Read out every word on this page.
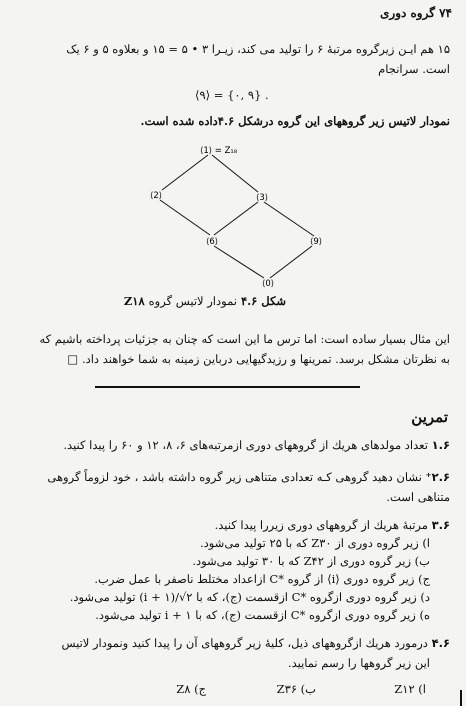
۷۴ گروه دوری
۱۵ هم ایـن زیرگروه مرتبهٔ ۶ را تولید می کند، زیـرا ۳ • ۵ = ۱۵ و بعلاوه ۵ و ۶ یک
است. سرانجام
⟨۹⟩ = {۰, ۹} .
نمودار لاتیس زیر گروههای این گروه درشکل ۴.۶داده شده است.
⟨1⟩ = Z₁₈
⟨2⟩	⟨3⟩
⟨6⟩	⟨9⟩
⟨0⟩
شکل ۴.۶ نمودار لاتیس گروه Z۱۸
این مثال بسیار ساده است: اما ترس ما این است که چنان به جزئیات پرداخته باشیم که
به نظرتان مشکل برسد. تمرینها و رزیدگیهایی درباین زمینه به شما خواهند داد. □
تمرین
۱.۶ تعداد مولدهای هریك از گروههای دوری ازمرتبه‌های ۶، ۸، ۱۲ و ۶۰ را پیدا کنید.
۲.۶⁺ نشان دهید گروهی کـه تعدادی متناهی زیر گروه داشته باشد ، خود لزوماً گروهی
متناهی است.
۳.۶ مرتبهٔ هریك از گروههای دوری زیررا پیدا کنید.
ا) زیر گروه دوری از Z۳۰ که با ۲۵ تولید می‌شود.
ب) زیر گروه دوری از Z۴۲ که با ۳۰ تولید می‌شود.
ج) زیر گروه دوری ⟨i⟩ از گروه *C ازاعداد مختلط ناصفر با عمل ضرب.
د) زیر گروه دوری ازگروه *C ازقسمت (ج)، که با ۲√/(i + ۱) تولید می‌شود.
ه) زیر گروه دوری ازگروه *C ازقسمت (ج)، که با i + ۱ تولید می‌شود.
۴.۶ درمورد هریك ازگروههای ذیل، کلیهٔ زیر گروههای آن را پیدا کنید ونمودار لاتیس
این زیر گروهها را رسم نمایید.
ا) Z۱۲
ب) Z۳۶
ج) Z۸
